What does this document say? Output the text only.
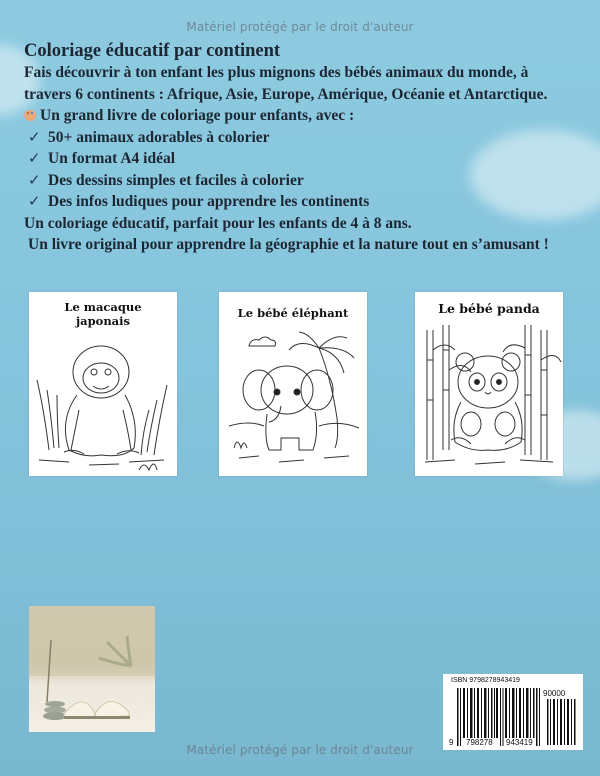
Matériel protégé par le droit d'auteur
Coloriage éducatif par continent
Fais découvrir à ton enfant les plus mignons des bébés animaux du monde, à
travers 6 continents : Afrique, Asie, Europe, Amérique, Océanie et Antarctique.
Un grand livre de coloriage pour enfants, avec :
✓ 50+ animaux adorables à colorier
✓ Un format A4 idéal
✓ Des dessins simples et faciles à colorier
✓ Des infos ludiques pour apprendre les continents
Un coloriage éducatif, parfait pour les enfants de 4 à 8 ans.
Un livre original pour apprendre la géographie et la nature tout en s’amusant !
Le macaque
japonais
Le bébé éléphant	Le bébé panda
ISBN 9798278943419
90000
9 798278 943419
Matériel protégé par le droit d'auteur
